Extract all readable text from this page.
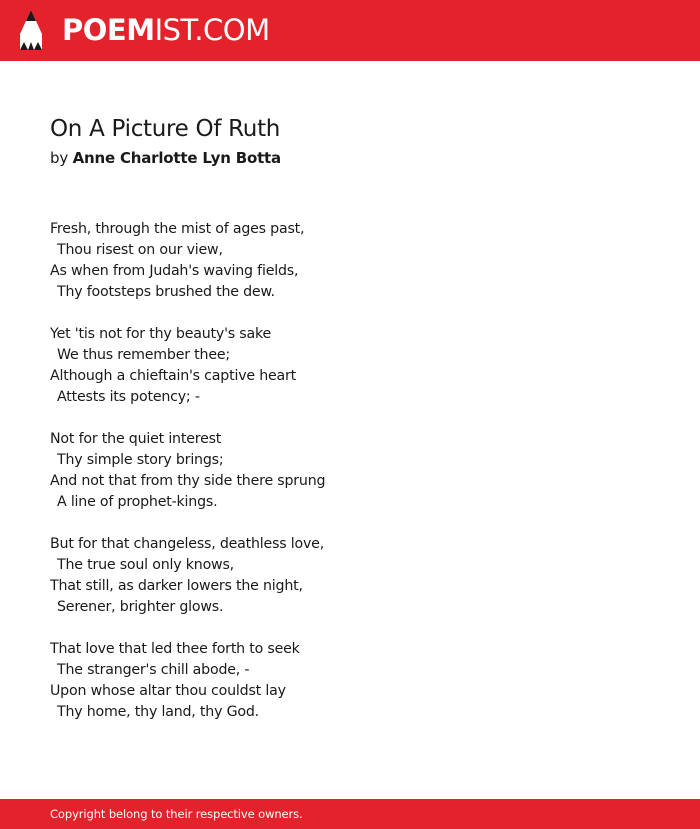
POEMIST.COM
On A Picture Of Ruth
by Anne Charlotte Lyn Botta
Fresh, through the mist of ages past,
Thou risest on our view,
As when from Judah's waving fields,
Thy footsteps brushed the dew.
Yet 'tis not for thy beauty's sake
We thus remember thee;
Although a chieftain's captive heart
Attests its potency; -
Not for the quiet interest
Thy simple story brings;
And not that from thy side there sprung
A line of prophet-kings.
But for that changeless, deathless love,
The true soul only knows,
That still, as darker lowers the night,
Serener, brighter glows.
That love that led thee forth to seek
The stranger's chill abode, -
Upon whose altar thou couldst lay
Thy home, thy land, thy God.
Copyright belong to their respective owners.
